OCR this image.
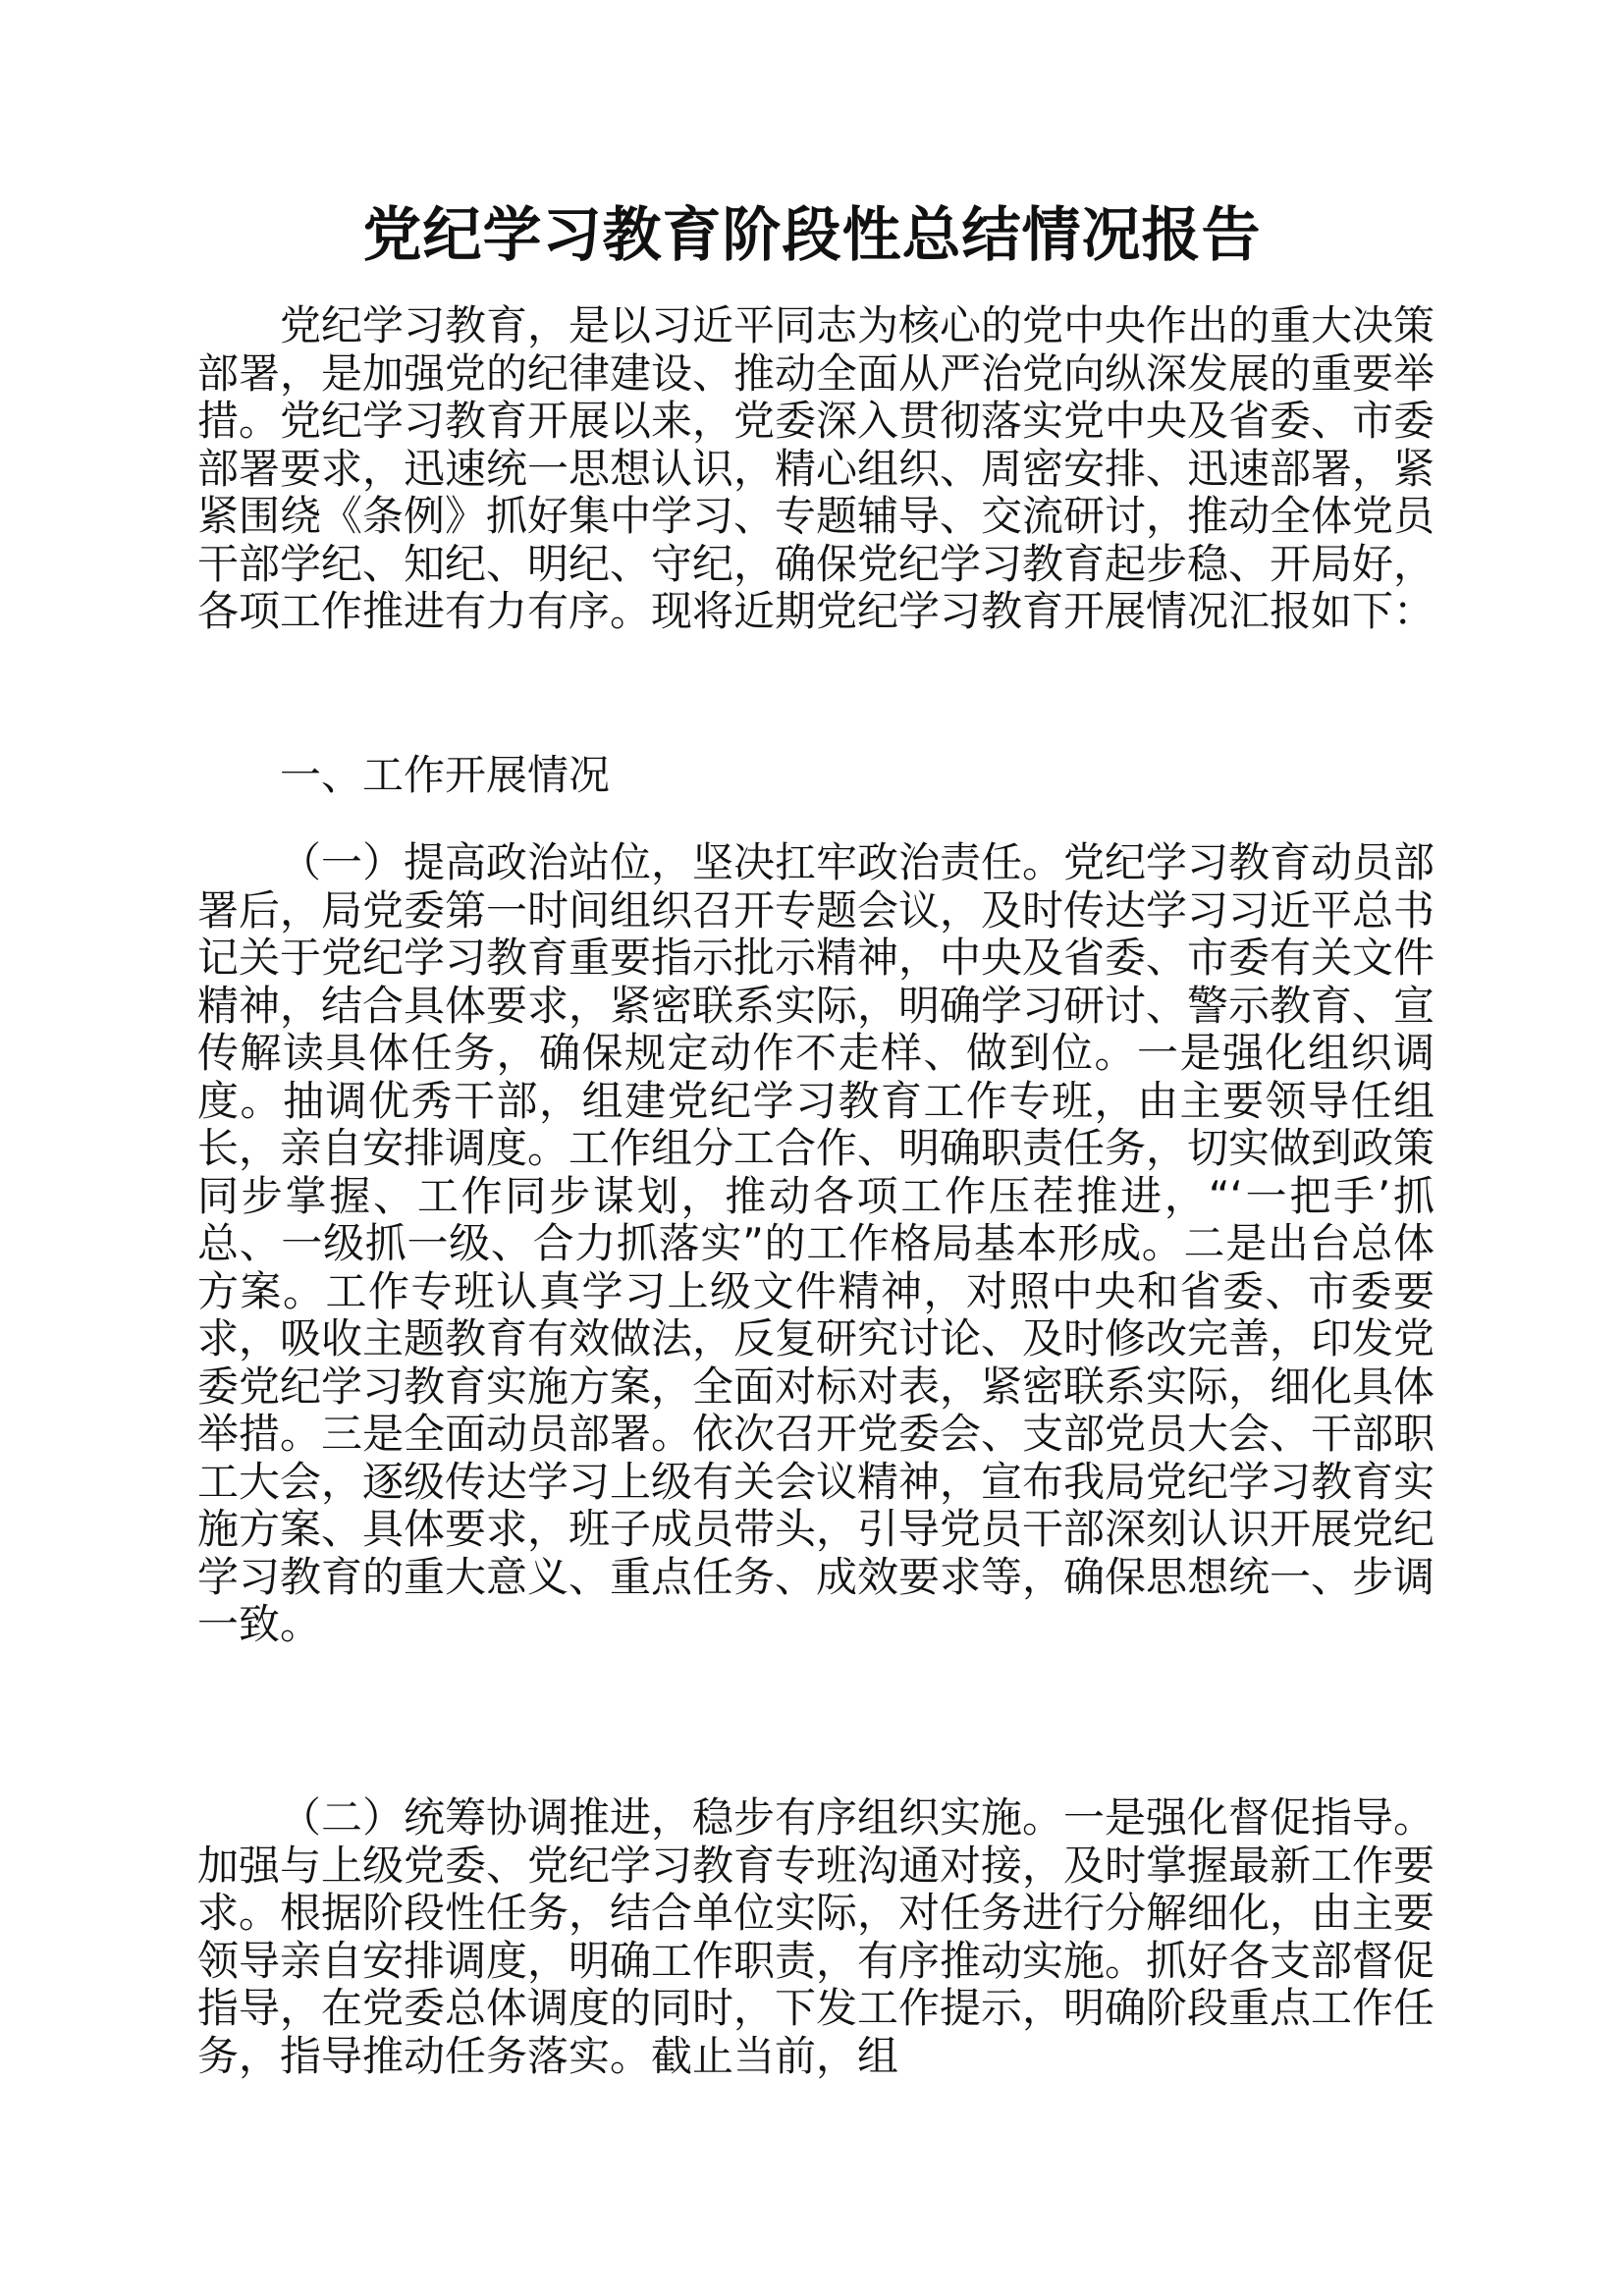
党纪学习教育阶段性总结情况报告

党纪学习教育，是以习近平同志为核心的党中央作出的重大决策部署，是加强党的纪律建设、推动全面从严治党向纵深发展的重要举措。党纪学习教育开展以来，党委深入贯彻落实党中央及省委、市委部署要求，迅速统一思想认识，精心组织、周密安排、迅速部署，紧紧围绕《条例》抓好集中学习、专题辅导、交流研讨，推动全体党员干部学纪、知纪、明纪、守纪，确保党纪学习教育起步稳、开局好，各项工作推进有力有序。现将近期党纪学习教育开展情况汇报如下：

一、工作开展情况

（一）提高政治站位，坚决扛牢政治责任。党纪学习教育动员部署后，局党委第一时间组织召开专题会议，及时传达学习习近平总书记关于党纪学习教育重要指示批示精神，中央及省委、市委有关文件精神，结合具体要求，紧密联系实际，明确学习研讨、警示教育、宣传解读具体任务，确保规定动作不走样、做到位。一是强化组织调度。抽调优秀干部，组建党纪学习教育工作专班，由主要领导任组长，亲自安排调度。工作组分工合作、明确职责任务，切实做到政策同步掌握、工作同步谋划，推动各项工作压茬推进，“‘一把手’抓总、一级抓一级、合力抓落实”的工作格局基本形成。二是出台总体方案。工作专班认真学习上级文件精神，对照中央和省委、市委要求，吸收主题教育有效做法，反复研究讨论、及时修改完善，印发党委党纪学习教育实施方案，全面对标对表，紧密联系实际，细化具体举措。三是全面动员部署。依次召开党委会、支部党员大会、干部职工大会，逐级传达学习上级有关会议精神，宣布我局党纪学习教育实施方案、具体要求，班子成员带头，引导党员干部深刻认识开展党纪学习教育的重大意义、重点任务、成效要求等，确保思想统一、步调一致。

（二）统筹协调推进，稳步有序组织实施。一是强化督促指导。加强与上级党委、党纪学习教育专班沟通对接，及时掌握最新工作要求。根据阶段性任务，结合单位实际，对任务进行分解细化，由主要领导亲自安排调度，明确工作职责，有序推动实施。抓好各支部督促指导，在党委总体调度的同时，下发工作提示，明确阶段重点工作任务，指导推动任务落实。截止当前，组
